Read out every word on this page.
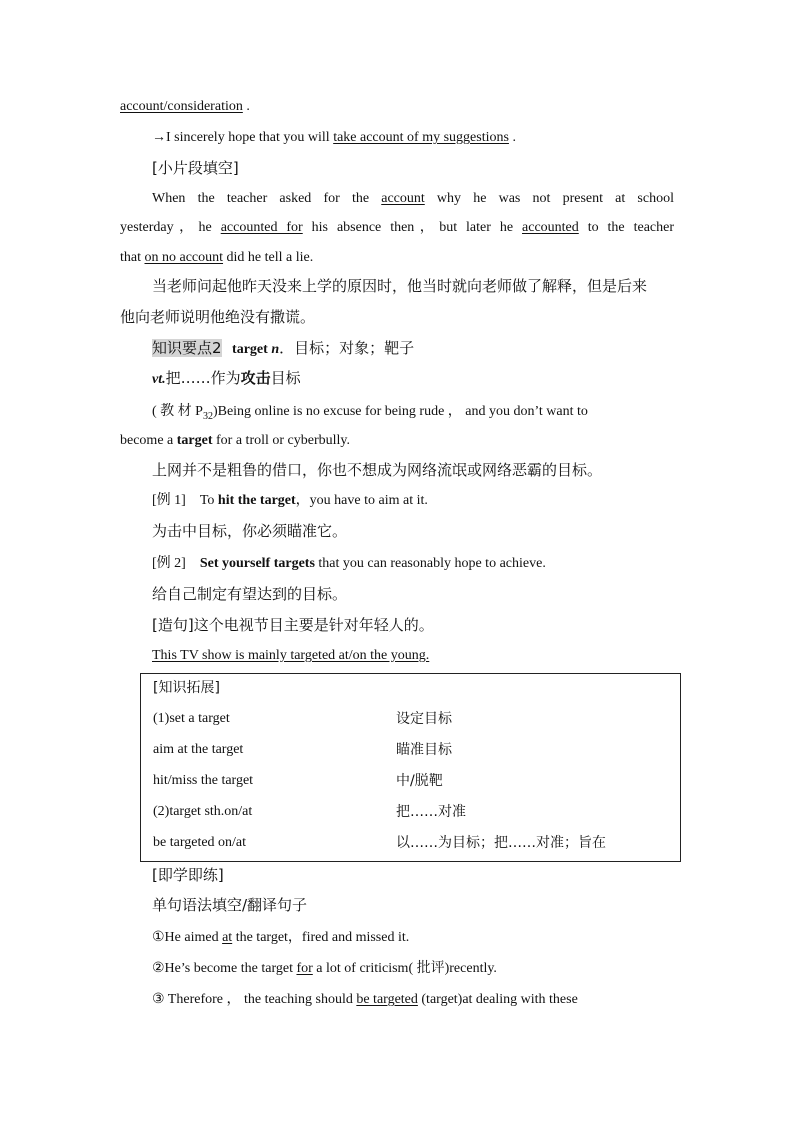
account/consideration .
→I sincerely hope that you will take account of my suggestions .
[小片段填空]
When the teacher asked for the account why he was not present at school
yesterday，he accounted for his absence then，but later he accounted to the teacher
that on no account did he tell a lie.
当老师问起他昨天没来上学的原因时，他当时就向老师做了解释，但是后来
他向老师说明他绝没有撒谎。
知识要点2 target n．目标；对象；靶子
vt.把……作为攻击目标
( 教 材 $P_{32})Being$ online is no excuse for being rude ， and you don’t want to
become a target for a troll or cyberbully.
上网并不是粗鲁的借口，你也不想成为网络流氓或网络恶霸的目标。
[例 1] To hit the target，you have to aim at it.
为击中目标，你必须瞄准它。
[例 2] Set yourself targets that you can reasonably hope to achieve.
给自己制定有望达到的目标。
[造句]这个电视节目主要是针对年轻人的。
This TV show is mainly targeted at/on the young.
[知识拓展]
(1)set a target	设定目标
aim at the target	瞄准目标
hit/miss the target	中/脱靶
(2)target sth.on/at	把……对准
be targeted on/at	以……为目标；把……对准；旨在
[即学即练]
单句语法填空/翻译句子
①He aimed at the target，fired and missed it.
②He’s become the target for a lot of criticism( 批评)recently.
③ Therefore ， the teaching should be targeted (target)at dealing with these
